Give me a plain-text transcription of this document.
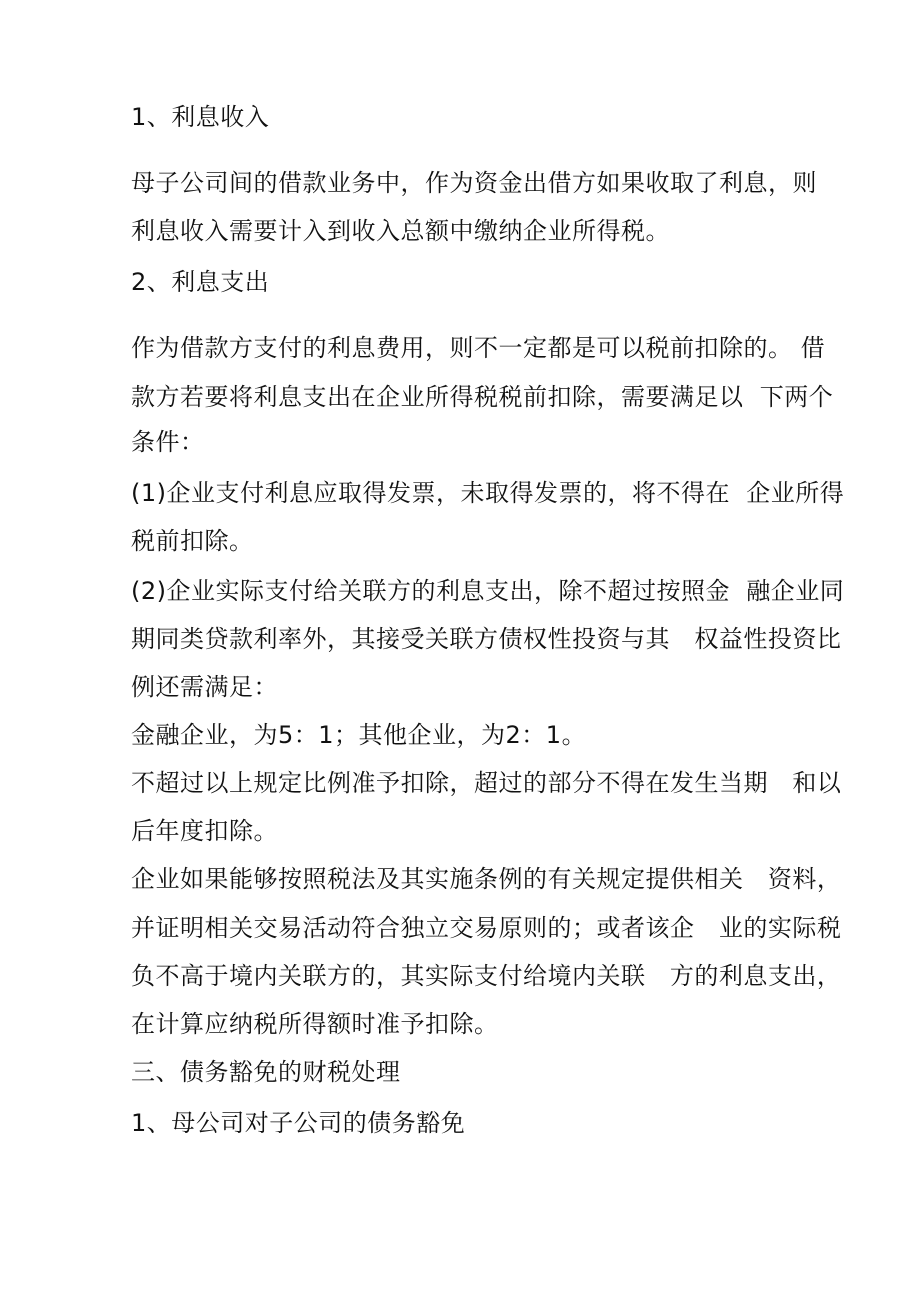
1、利息收入
母子公司间的借款业务中，作为资金出借方如果收取了利息，则
利息收入需要计入到收入总额中缴纳企业所得税。
2、利息支出
作为借款方支付的利息费用，则不一定都是可以税前扣除的。 借
款方若要将利息支出在企业所得税税前扣除，需要满足以  下两个
条件：
(1)企业支付利息应取得发票，未取得发票的，将不得在  企业所得
税前扣除。
(2)企业实际支付给关联方的利息支出，除不超过按照金  融企业同
期同类贷款利率外，其接受关联方债权性投资与其   权益性投资比
例还需满足：
金融企业，为5：1；其他企业，为2：1。
不超过以上规定比例准予扣除，超过的部分不得在发生当期   和以
后年度扣除。
企业如果能够按照税法及其实施条例的有关规定提供相关   资料，
并证明相关交易活动符合独立交易原则的；或者该企   业的实际税
负不高于境内关联方的，其实际支付给境内关联   方的利息支出，
在计算应纳税所得额时准予扣除。
三、债务豁免的财税处理
1、母公司对子公司的债务豁免
